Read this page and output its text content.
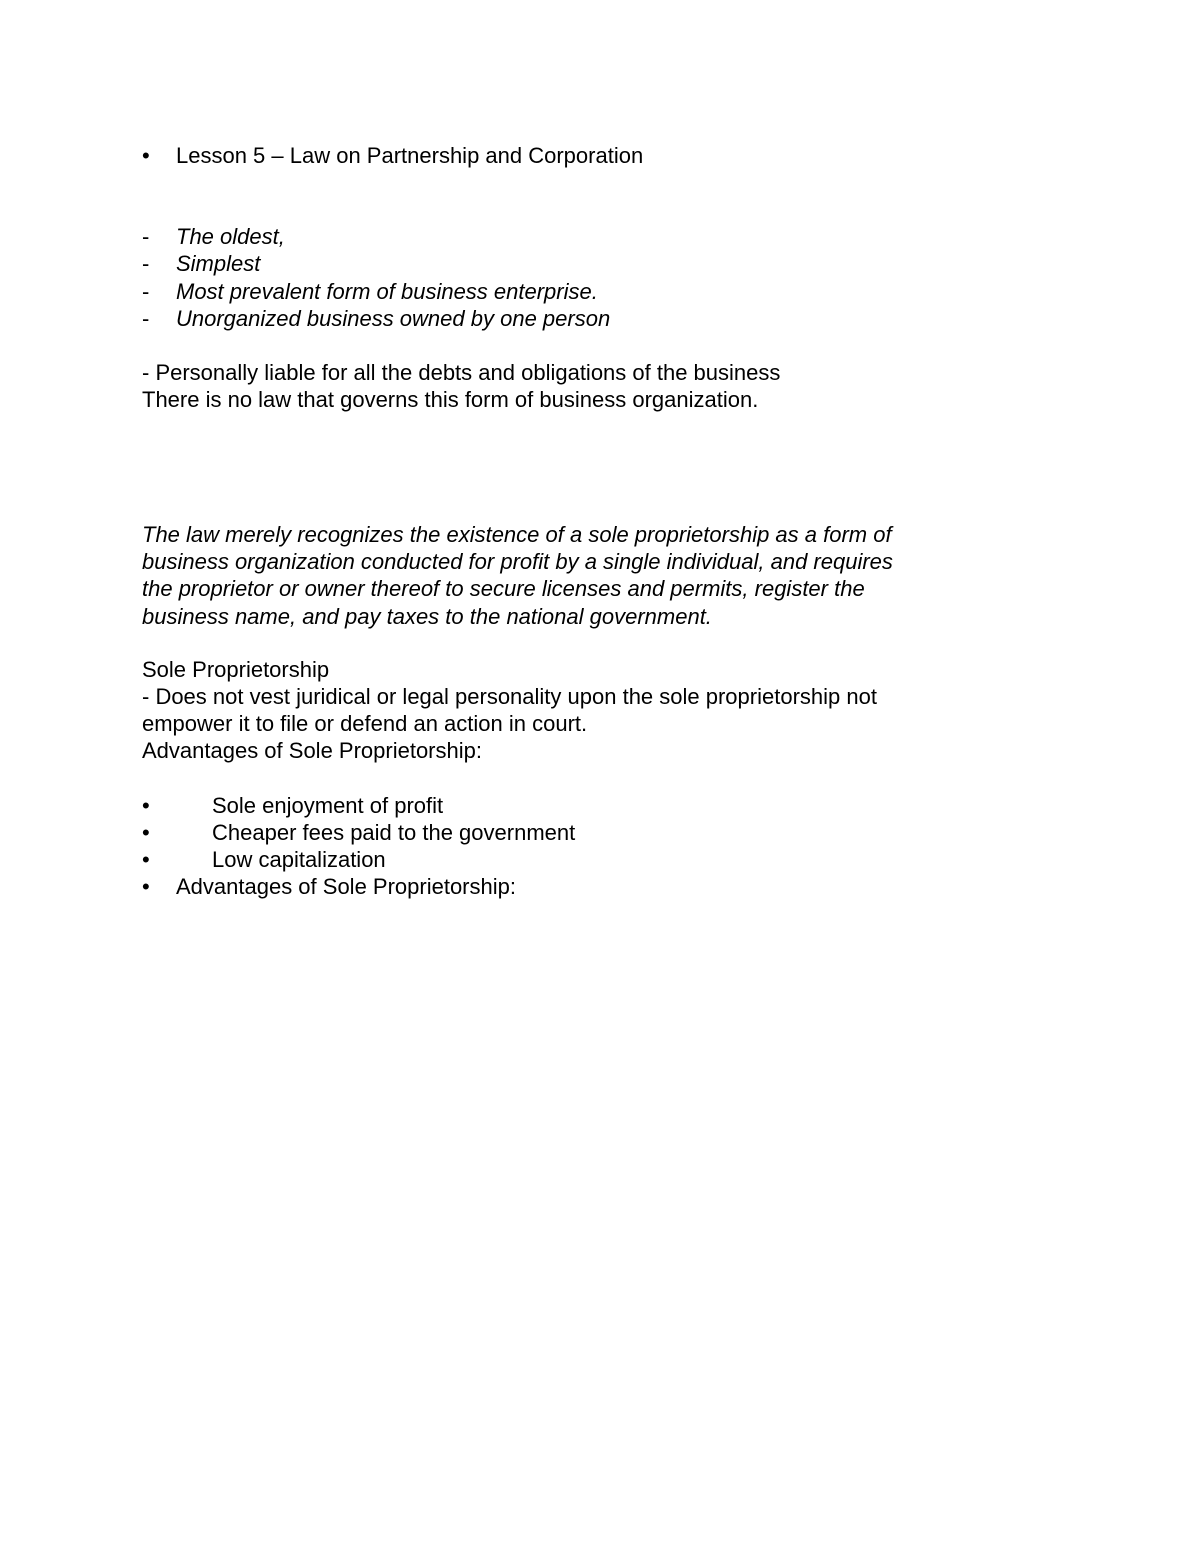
• Lesson 5 – Law on Partnership and Corporation
- The oldest,
- Simplest
- Most prevalent form of business enterprise.
- Unorganized business owned by one person
- Personally liable for all the debts and obligations of the business
There is no law that governs this form of business organization.
The law merely recognizes the existence of a sole proprietorship as a form of
business organization conducted for profit by a single individual, and requires
the proprietor or owner thereof to secure licenses and permits, register the
business name, and pay taxes to the national government.
Sole Proprietorship
- Does not vest juridical or legal personality upon the sole proprietorship not
empower it to file or defend an action in court.
Advantages of Sole Proprietorship:
•	Sole enjoyment of profit
•	Cheaper fees paid to the government
•	Low capitalization
• Advantages of Sole Proprietorship:
